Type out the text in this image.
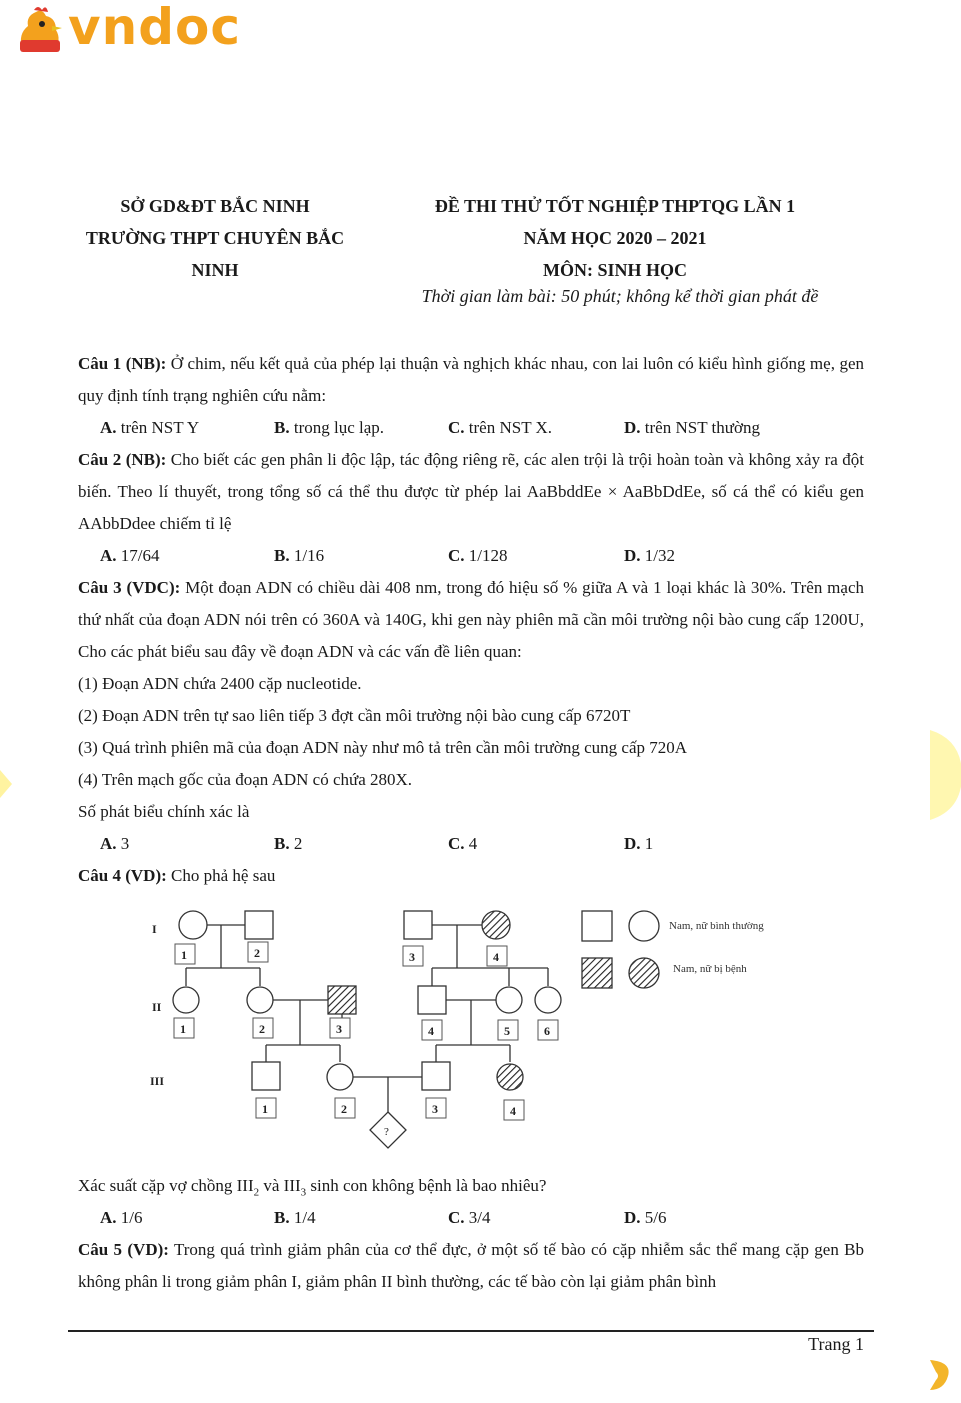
vndoc
SỞ GD&ĐT BẮC NINH
TRƯỜNG THPT CHUYÊN BẮC
NINH
ĐỀ THI THỬ TỐT NGHIỆP THPTQG LẦN 1
NĂM HỌC 2020 – 2021
MÔN: SINH HỌC
Thời gian làm bài: 50 phút; không kể thời gian phát đề
Câu 1 (NB): Ở chim, nếu kết quả của phép lại thuận và nghịch khác nhau, con lai luôn có kiểu hình giống mẹ, gen quy định tính trạng nghiên cứu nằm:
A. trên NST Y	B. trong lục lạp.	C. trên NST X.	D. trên NST thường
Câu 2 (NB): Cho biết các gen phân li độc lập, tác động riêng rẽ, các alen trội là trội hoàn toàn và không xảy ra đột biến. Theo lí thuyết, trong tổng số cá thể thu được từ phép lai AaBbddEe × AaBbDdEe, số cá thể có kiểu gen AAbbDdee chiếm tỉ lệ
A. 17/64	B. 1/16	C. 1/128	D. 1/32
Câu 3 (VDC): Một đoạn ADN có chiều dài 408 nm, trong đó hiệu số % giữa A và 1 loại khác là 30%. Trên mạch thứ nhất của đoạn ADN nói trên có 360A và 140G, khi gen này phiên mã cần môi trường nội bào cung cấp 1200U, Cho các phát biểu sau đây về đoạn ADN và các vấn đề liên quan:
(1) Đoạn ADN chứa 2400 cặp nucleotide.
(2) Đoạn ADN trên tự sao liên tiếp 3 đợt cần môi trường nội bào cung cấp 6720T
(3) Quá trình phiên mã của đoạn ADN này như mô tả trên cần môi trường cung cấp 720A
(4) Trên mạch gốc của đoạn ADN có chứa 280X.
Số phát biểu chính xác là
A. 3	B. 2	C. 4	D. 1
Câu 4 (VD): Cho phả hệ sau
I
II
III
Nam, nữ bình thường
Nam, nữ bị bệnh
?
1	2	3	4
1	2	3	4	5	6
1	2	3	4
Xác suất cặp vợ chồng $III_2$ và $III_3$ sinh con không bệnh là bao nhiêu?
A. 1/6	B. 1/4	C. 3/4	D. 5/6
Câu 5 (VD): Trong quá trình giảm phân của cơ thể đực, ở một số tế bào có cặp nhiễm sắc thể mang cặp gen Bb không phân li trong giảm phân I, giảm phân II bình thường, các tế bào còn lại giảm phân bình
Trang 1
